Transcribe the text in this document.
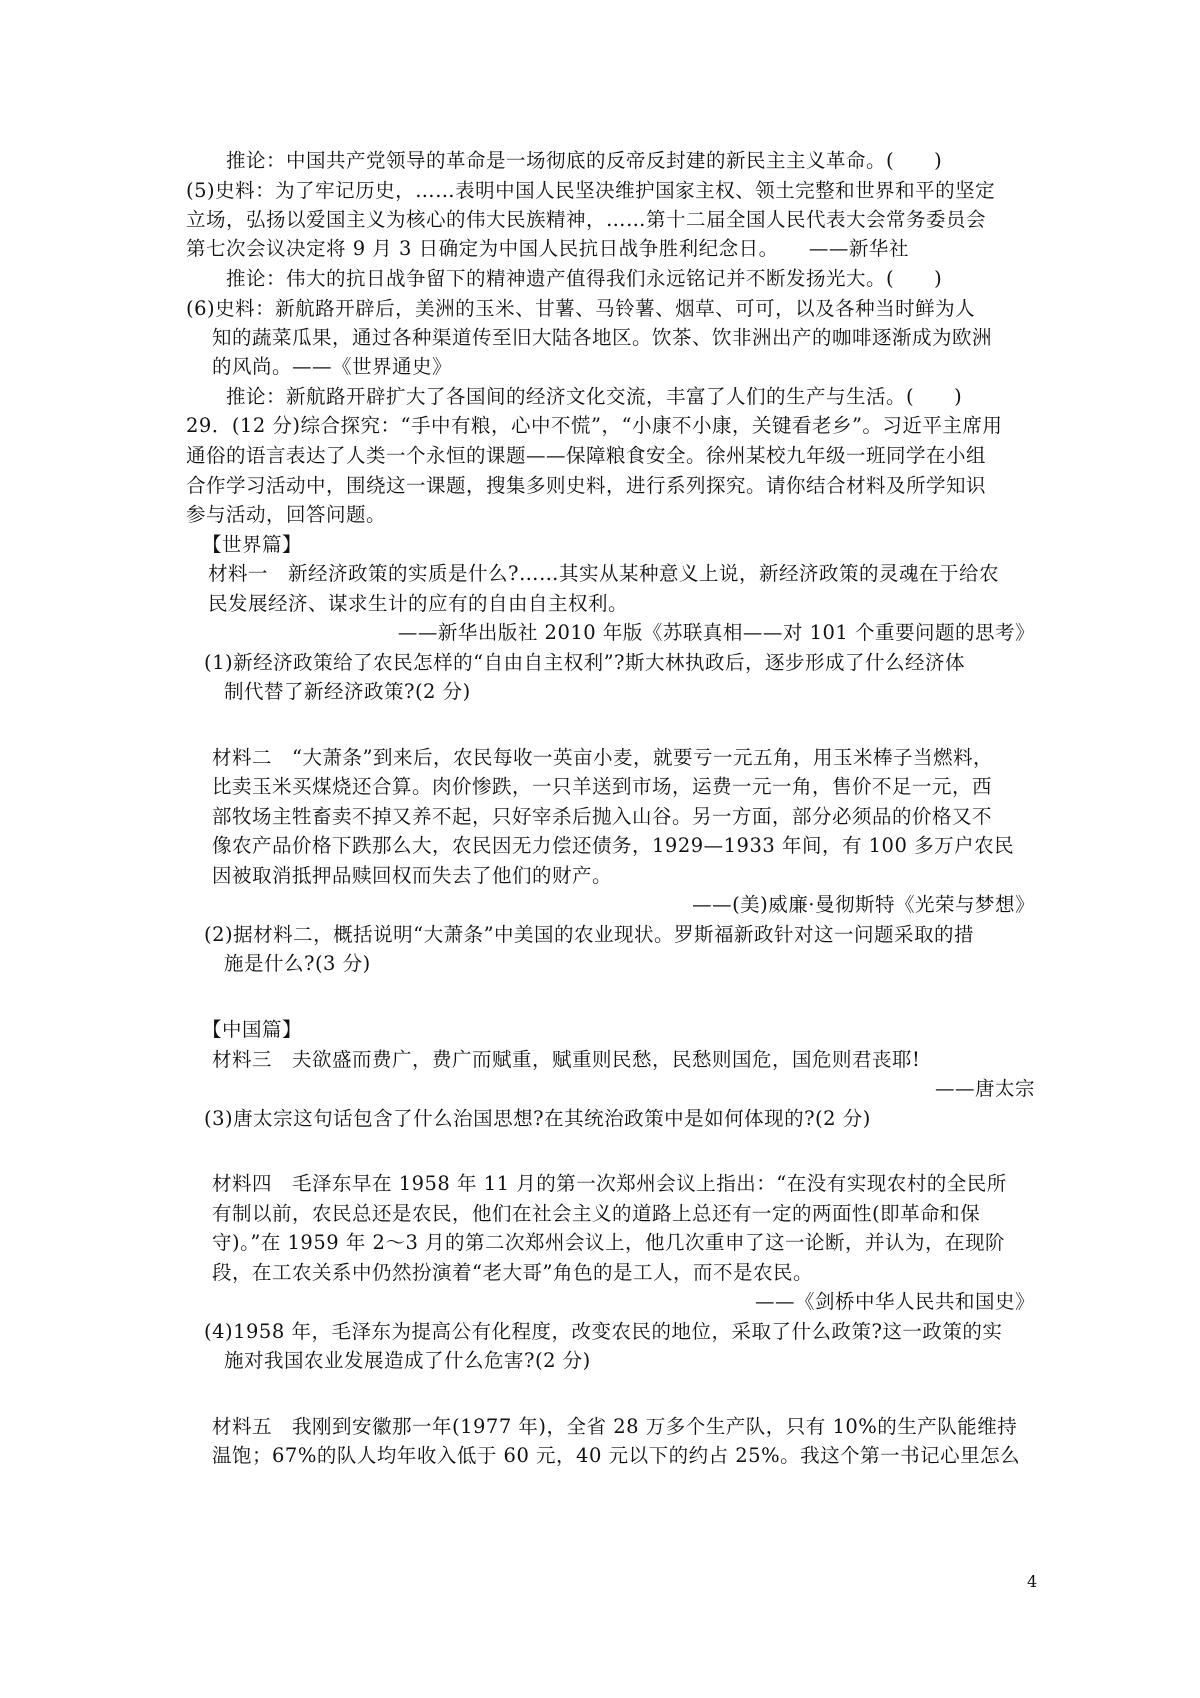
推论：中国共产党领导的革命是一场彻底的反帝反封建的新民主主义革命。(　　)
(5)史料：为了牢记历史，……表明中国人民坚决维护国家主权、领土完整和世界和平的坚定
立场，弘扬以爱国主义为核心的伟大民族精神，……第十二届全国人民代表大会常务委员会
第七次会议决定将 9 月 3 日确定为中国人民抗日战争胜利纪念日。　　——新华社
推论：伟大的抗日战争留下的精神遗产值得我们永远铭记并不断发扬光大。(　　)
(6)史料：新航路开辟后，美洲的玉米、甘薯、马铃薯、烟草、可可，以及各种当时鲜为人
知的蔬菜瓜果，通过各种渠道传至旧大陆各地区。饮茶、饮非洲出产的咖啡逐渐成为欧洲
的风尚。——《世界通史》
推论：新航路开辟扩大了各国间的经济文化交流，丰富了人们的生产与生活。(　　)
29．(12 分)综合探究：“手中有粮，心中不慌”，“小康不小康，关键看老乡”。习近平主席用
通俗的语言表达了人类一个永恒的课题——保障粮食安全。徐州某校九年级一班同学在小组
合作学习活动中，围绕这一课题，搜集多则史料，进行系列探究。请你结合材料及所学知识
参与活动，回答问题。
【世界篇】
材料一　新经济政策的实质是什么?……其实从某种意义上说，新经济政策的灵魂在于给农
民发展经济、谋求生计的应有的自由自主权利。
——新华出版社 2010 年版《苏联真相——对 101 个重要问题的思考》
(1)新经济政策给了农民怎样的“自由自主权利”?斯大林执政后，逐步形成了什么经济体
制代替了新经济政策?(2 分)
材料二　“大萧条”到来后，农民每收一英亩小麦，就要亏一元五角，用玉米棒子当燃料，
比卖玉米买煤烧还合算。肉价惨跌，一只羊送到市场，运费一元一角，售价不足一元，西
部牧场主牲畜卖不掉又养不起，只好宰杀后抛入山谷。另一方面，部分必须品的价格又不
像农产品价格下跌那么大，农民因无力偿还债务，1929—1933 年间，有 100 多万户农民
因被取消抵押品赎回权而失去了他们的财产。
——(美)威廉·曼彻斯特《光荣与梦想》
(2)据材料二，概括说明“大萧条”中美国的农业现状。罗斯福新政针对这一问题采取的措
施是什么?(3 分)
【中国篇】
材料三　夫欲盛而费广，费广而赋重，赋重则民愁，民愁则国危，国危则君丧耶!
——唐太宗
(3)唐太宗这句话包含了什么治国思想?在其统治政策中是如何体现的?(2 分)
材料四　毛泽东早在 1958 年 11 月的第一次郑州会议上指出：“在没有实现农村的全民所
有制以前，农民总还是农民，他们在社会主义的道路上总还有一定的两面性(即革命和保
守)。”在 1959 年 2～3 月的第二次郑州会议上，他几次重申了这一论断，并认为，在现阶
段，在工农关系中仍然扮演着“老大哥”角色的是工人，而不是农民。
——《剑桥中华人民共和国史》
(4)1958 年，毛泽东为提高公有化程度，改变农民的地位，采取了什么政策?这一政策的实
施对我国农业发展造成了什么危害?(2 分)
材料五　我刚到安徽那一年(1977 年)，全省 28 万多个生产队，只有 10%的生产队能维持
温饱；67%的队人均年收入低于 60 元，40 元以下的约占 25%。我这个第一书记心里怎么
4
